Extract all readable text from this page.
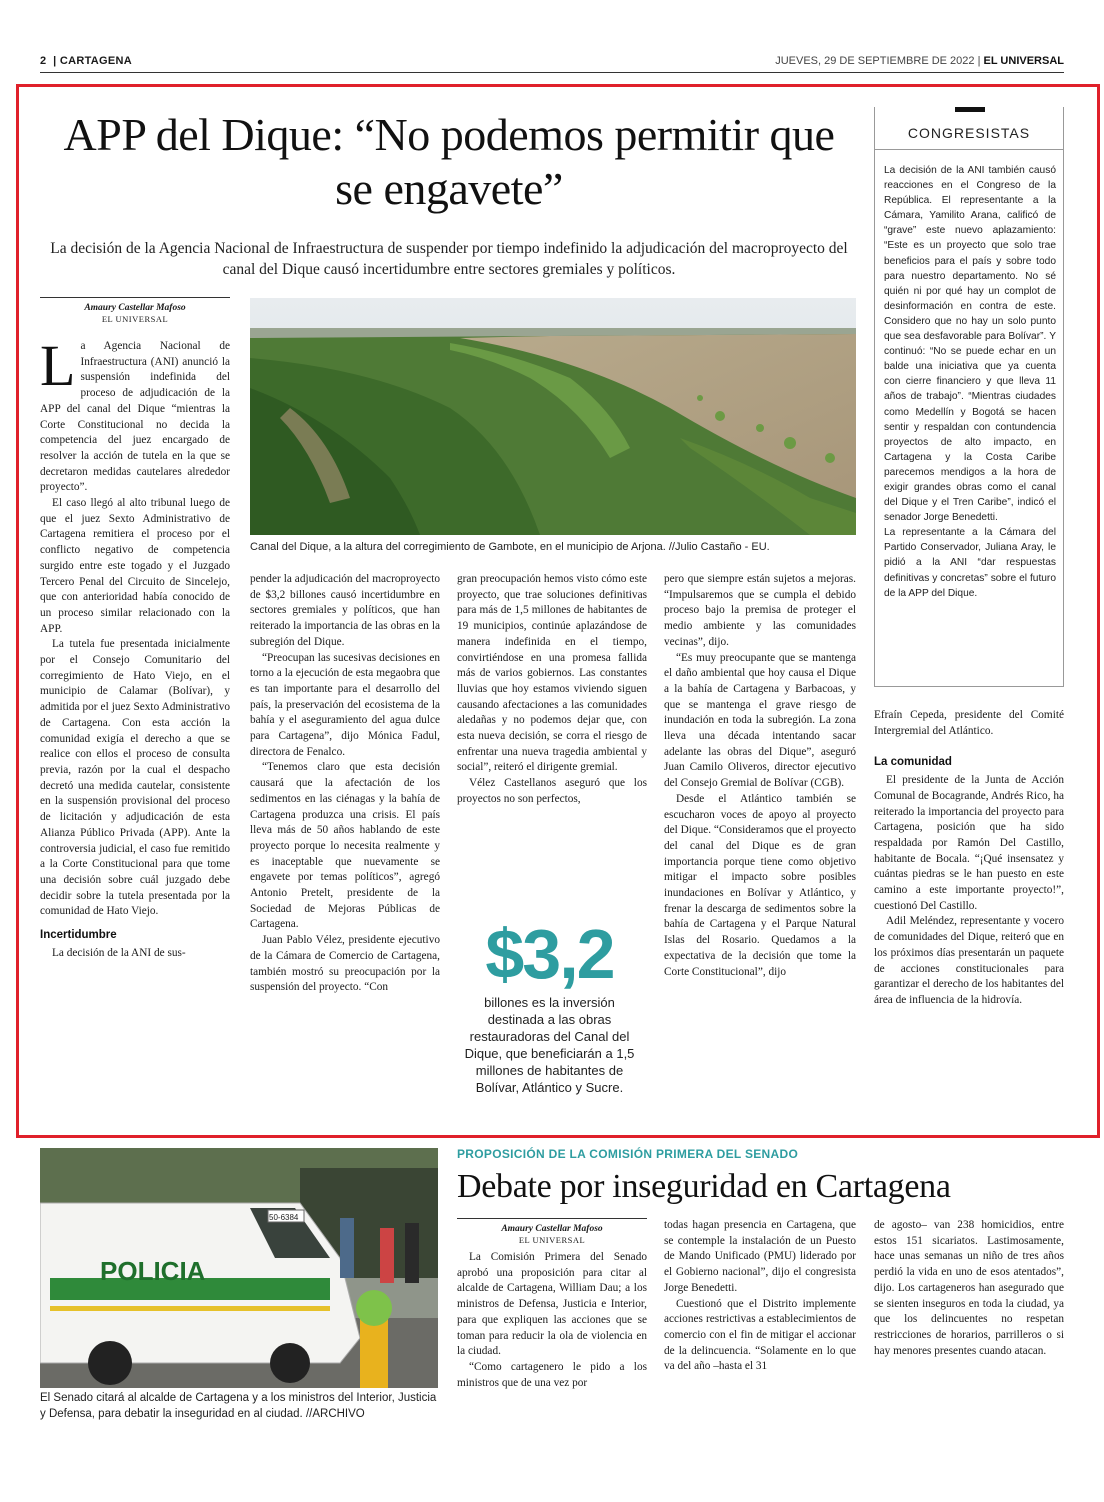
2  | CARTAGENA	JUEVES, 29 DE SEPTIEMBRE DE 2022 | EL UNIVERSAL
APP del Dique: “No podemos permitir que se engavete”

La decisión de la Agencia Nacional de Infraestructura de suspender por tiempo indefinido la adjudicación del macroproyecto del canal del Dique causó incertidumbre entre sectores gremiales y políticos.

Amaury Castellar Mafoso
EL UNIVERSAL

La Agencia Nacional de Infraestructura (ANI) anunció la suspensión indefinida del proceso de adjudicación de la APP del canal del Dique “mientras la Corte Constitucional no decida la competencia del juez encargado de resolver la acción de tutela en la que se decretaron medidas cautelares alrededor proyecto”.

El caso llegó al alto tribunal luego de que el juez Sexto Administrativo de Cartagena remitiera el proceso por el conflicto negativo de competencia surgido entre este togado y el Juzgado Tercero Penal del Circuito de Sincelejo, que con anterioridad había conocido de un proceso similar relacionado con la APP.

La tutela fue presentada inicialmente por el Consejo Comunitario del corregimiento de Hato Viejo, en el municipio de Calamar (Bolívar), y admitida por el juez Sexto Administrativo de Cartagena. Con esta acción la comunidad exigía el derecho a que se realice con ellos el proceso de consulta previa, razón por la cual el despacho decretó una medida cautelar, consistente en la suspensión provisional del proceso de licitación y adjudicación de esta Alianza Público Privada (APP). Ante la controversia judicial, el caso fue remitido a la Corte Constitucional para que tome una decisión sobre cuál juzgado debe decidir sobre la tutela presentada por la comunidad de Hato Viejo.

Incertidumbre

La decisión de la ANI de sus-

Canal del Dique, a la altura del corregimiento de Gambote, en el municipio de Arjona. //Julio Castaño - EU.

pender la adjudicación del macroproyecto de $3,2 billones causó incertidumbre en sectores gremiales y políticos, que han reiterado la importancia de las obras en la subregión del Dique.

“Preocupan las sucesivas decisiones en torno a la ejecución de esta megaobra que es tan importante para el desarrollo del país, la preservación del ecosistema de la bahía y el aseguramiento del agua dulce para Cartagena”, dijo Mónica Fadul, directora de Fenalco.

“Tenemos claro que esta decisión causará que la afectación de los sedimentos en las ciénagas y la bahía de Cartagena produzca una crisis. El país lleva más de 50 años hablando de este proyecto porque lo necesita realmente y es inaceptable que nuevamente se engavete por temas políticos”, agregó Antonio Pretelt, presidente de la Sociedad de Mejoras Públicas de Cartagena.

Juan Pablo Vélez, presidente ejecutivo de la Cámara de Comercio de Cartagena, también mostró su preocupación por la suspensión del proyecto. “Con

gran preocupación hemos visto cómo este proyecto, que trae soluciones definitivas para más de 1,5 millones de habitantes de 19 municipios, continúe aplazándose de manera indefinida en el tiempo, convirtiéndose en una promesa fallida más de varios gobiernos. Las constantes lluvias que hoy estamos viviendo siguen causando afectaciones a las comunidades aledañas y no podemos dejar que, con esta nueva decisión, se corra el riesgo de enfrentar una nueva tragedia ambiental y social”, reiteró el dirigente gremial.

Vélez Castellanos aseguró que los proyectos no son perfectos,

$3,2
billones es la inversión destinada a las obras restauradoras del Canal del Dique, que beneficiarán a 1,5 millones de habitantes de Bolívar, Atlántico y Sucre.

pero que siempre están sujetos a mejoras. “Impulsaremos que se cumpla el debido proceso bajo la premisa de proteger el medio ambiente y las comunidades vecinas”, dijo.

“Es muy preocupante que se mantenga el daño ambiental que hoy causa el Dique a la bahía de Cartagena y Barbacoas, y que se mantenga el grave riesgo de inundación en toda la subregión. La zona lleva una década intentando sacar adelante las obras del Dique”, aseguró Juan Camilo Oliveros, director ejecutivo del Consejo Gremial de Bolívar (CGB).

Desde el Atlántico también se escucharon voces de apoyo al proyecto del Dique. “Consideramos que el proyecto del canal del Dique es de gran importancia porque tiene como objetivo mitigar el impacto sobre posibles inundaciones en Bolívar y Atlántico, y frenar la descarga de sedimentos sobre la bahía de Cartagena y el Parque Natural Islas del Rosario. Quedamos a la expectativa de la decisión que tome la Corte Constitucional”, dijo

CONGRESISTAS

La decisión de la ANI también causó reacciones en el Congreso de la República. El representante a la Cámara, Yamilito Arana, calificó de “grave” este nuevo aplazamiento: “Este es un proyecto que solo trae beneficios para el país y sobre todo para nuestro departamento. No sé quién ni por qué hay un complot de desinformación en contra de este. Considero que no hay un solo punto que sea desfavorable para Bolívar”. Y continuó: “No se puede echar en un balde una iniciativa que ya cuenta con cierre financiero y que lleva 11 años de trabajo”. “Mientras ciudades como Medellín y Bogotá se hacen sentir y respaldan con contundencia proyectos de alto impacto, en Cartagena y la Costa Caribe parecemos mendigos a la hora de exigir grandes obras como el canal del Dique y el Tren Caribe”, indicó el senador Jorge Benedetti.

La representante a la Cámara del Partido Conservador, Juliana Aray, le pidió a la ANI “dar respuestas definitivas y concretas” sobre el futuro de la APP del Dique.

Efraín Cepeda, presidente del Comité Intergremial del Atlántico.

La comunidad

El presidente de la Junta de Acción Comunal de Bocagrande, Andrés Rico, ha reiterado la importancia del proyecto para Cartagena, posición que ha sido respaldada por Ramón Del Castillo, habitante de Bocala. “¡Qué insensatez y cuántas piedras se le han puesto en este camino a este importante proyecto!”, cuestionó Del Castillo.

Adil Meléndez, representante y vocero de comunidades del Dique, reiteró que en los próximos días presentarán un paquete de acciones constitucionales para garantizar el derecho de los habitantes del área de influencia de la hidrovía.

POLICIA
50-6384
El Senado citará al alcalde de Cartagena y a los ministros del Interior, Justicia y Defensa, para debatir la inseguridad en al ciudad. //ARCHIVO
PROPOSICIÓN DE LA COMISIÓN PRIMERA DEL SENADO
Debate por inseguridad en Cartagena
Amaury Castellar Mafoso
EL UNIVERSAL

La Comisión Primera del Senado aprobó una proposición para citar al alcalde de Cartagena, William Dau; a los ministros de Defensa, Justicia e Interior, para que expliquen las acciones que se toman para reducir la ola de violencia en la ciudad.

“Como cartagenero le pido a los ministros que de una vez por

todas hagan presencia en Cartagena, que se contemple la instalación de un Puesto de Mando Unificado (PMU) liderado por el Gobierno nacional”, dijo el congresista Jorge Benedetti.

Cuestionó que el Distrito implemente acciones restrictivas a establecimientos de comercio con el fin de mitigar el accionar de la delincuencia. “Solamente en lo que va del año –hasta el 31

de agosto– van 238 homicidios, entre estos 151 sicariatos. Lastimosamente, hace unas semanas un niño de tres años perdió la vida en uno de esos atentados”, dijo. Los cartageneros han asegurado que se sienten inseguros en toda la ciudad, ya que los delincuentes no respetan restricciones de horarios, parrilleros o si hay menores presentes cuando atacan.
